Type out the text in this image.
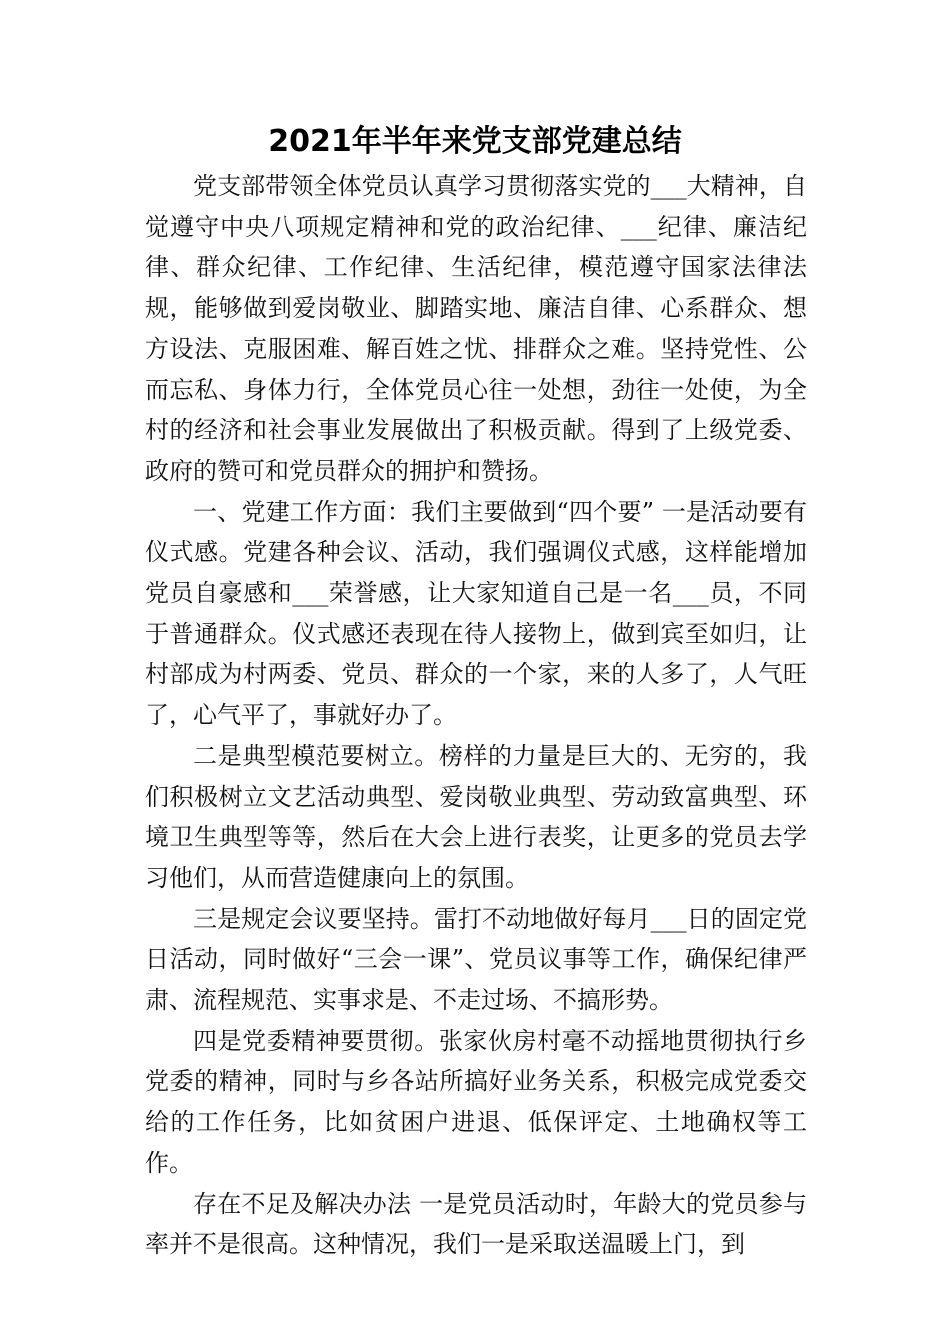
2021年半年来党支部党建总结

党支部带领全体党员认真学习贯彻落实党的___大精神，自觉遵守中央八项规定精神和党的政治纪律、___纪律、廉洁纪律、群众纪律、工作纪律、生活纪律，模范遵守国家法律法规，能够做到爱岗敬业、脚踏实地、廉洁自律、心系群众、想方设法、克服困难、解百姓之忧、排群众之难。坚持党性、公而忘私、身体力行，全体党员心往一处想，劲往一处使，为全村的经济和社会事业发展做出了积极贡献。得到了上级党委、政府的赞可和党员群众的拥护和赞扬。

一、党建工作方面：我们主要做到“四个要” 一是活动要有仪式感。党建各种会议、活动，我们强调仪式感，这样能增加党员自豪感和___荣誉感，让大家知道自己是一名___员，不同于普通群众。仪式感还表现在待人接物上，做到宾至如归，让村部成为村两委、党员、群众的一个家，来的人多了，人气旺了，心气平了，事就好办了。

二是典型模范要树立。榜样的力量是巨大的、无穷的，我们积极树立文艺活动典型、爱岗敬业典型、劳动致富典型、环境卫生典型等等，然后在大会上进行表奖，让更多的党员去学习他们，从而营造健康向上的氛围。

三是规定会议要坚持。雷打不动地做好每月___日的固定党日活动，同时做好“三会一课”、党员议事等工作，确保纪律严肃、流程规范、实事求是、不走过场、不搞形势。

四是党委精神要贯彻。张家伙房村毫不动摇地贯彻执行乡党委的精神，同时与乡各站所搞好业务关系，积极完成党委交给的工作任务，比如贫困户进退、低保评定、土地确权等工作。

存在不足及解决办法 一是党员活动时，年龄大的党员参与率并不是很高。这种情况，我们一是采取送温暖上门，到
